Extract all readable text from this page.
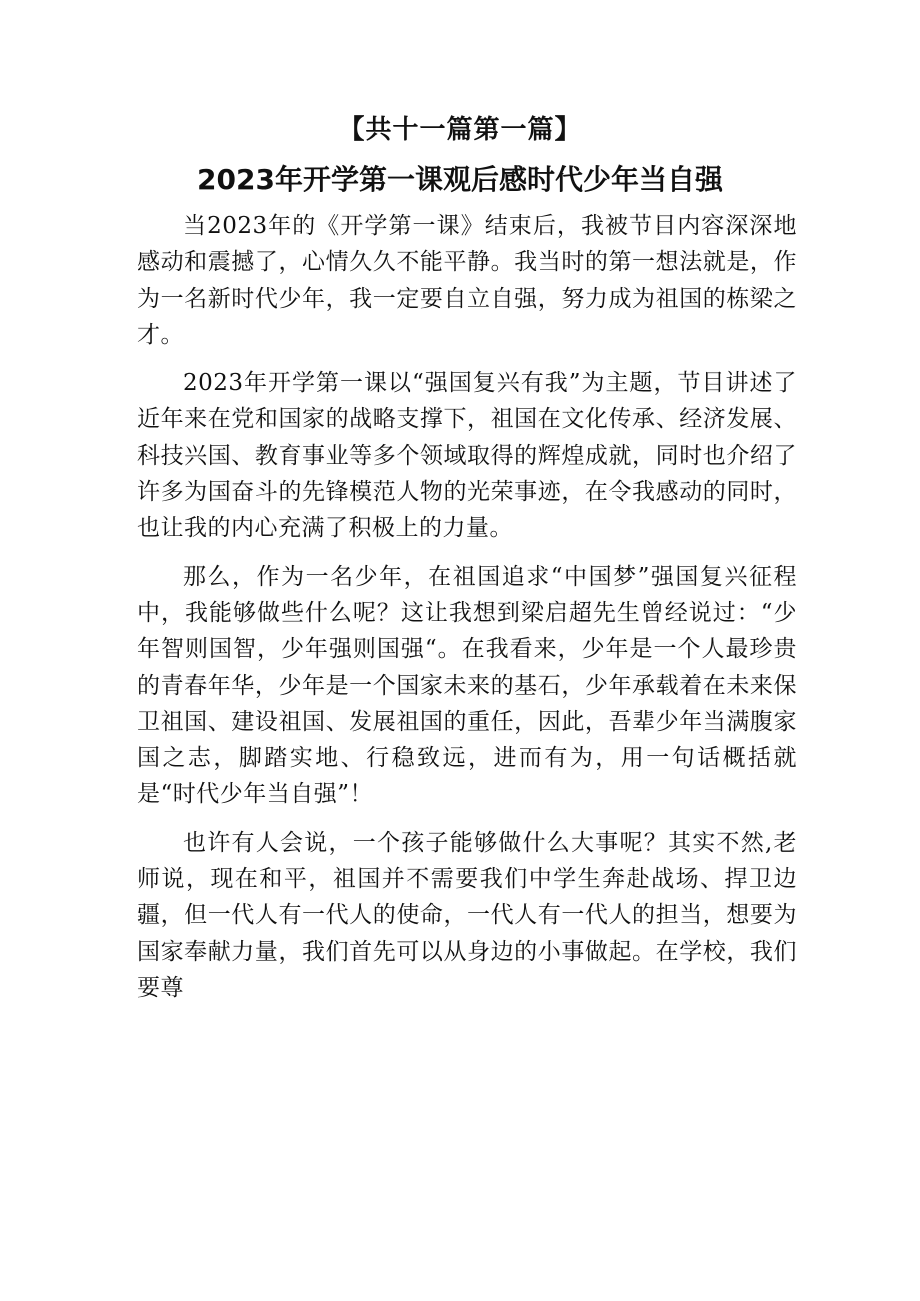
【共十一篇第一篇】
2023年开学第一课观后感时代少年当自强

当2023年的《开学第一课》结束后，我被节目内容深深地感动和震撼了，心情久久不能平静。我当时的第一想法就是，作为一名新时代少年，我一定要自立自强，努力成为祖国的栋梁之才。

2023年开学第一课以“强国复兴有我”为主题，节目讲述了近年来在党和国家的战略支撑下，祖国在文化传承、经济发展、科技兴国、教育事业等多个领域取得的辉煌成就，同时也介绍了许多为国奋斗的先锋模范人物的光荣事迹，在令我感动的同时，也让我的内心充满了积极上的力量。

那么，作为一名少年，在祖国追求“中国梦”强国复兴征程中，我能够做些什么呢？这让我想到梁启超先生曾经说过：“少年智则国智，少年强则国强“。在我看来，少年是一个人最珍贵的青春年华，少年是一个国家未来的基石，少年承载着在未来保卫祖国、建设祖国、发展祖国的重任，因此，吾辈少年当满腹家国之志，脚踏实地、行稳致远，进而有为，用一句话概括就是“时代少年当自强”！

也许有人会说，一个孩子能够做什么大事呢？其实不然,老师说，现在和平，祖国并不需要我们中学生奔赴战场、捍卫边疆，但一代人有一代人的使命，一代人有一代人的担当，想要为国家奉献力量，我们首先可以从身边的小事做起。在学校，我们要尊
